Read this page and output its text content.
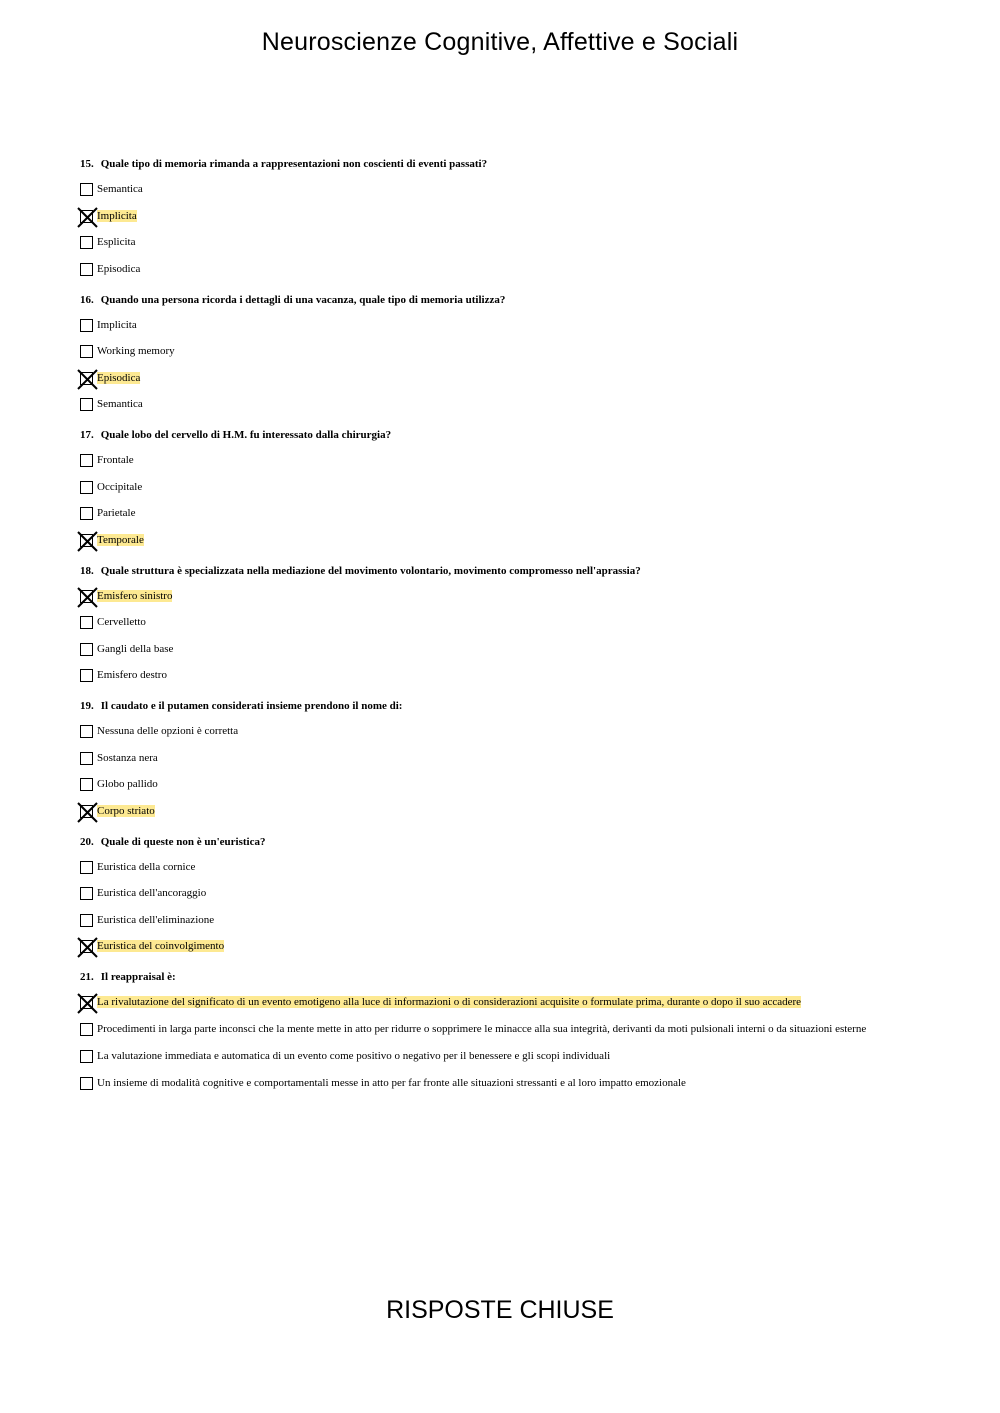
Neuroscienze Cognitive, Affettive e Sociali
15. Quale tipo di memoria rimanda a rappresentazioni non coscienti di eventi passati?
Semantica
Implicita
Esplicita
Episodica
16. Quando una persona ricorda i dettagli di una vacanza, quale tipo di memoria utilizza?
Implicita
Working memory
Episodica
Semantica
17. Quale lobo del cervello di H.M. fu interessato dalla chirurgia?
Frontale
Occipitale
Parietale
Temporale
18. Quale struttura è specializzata nella mediazione del movimento volontario, movimento compromesso nell'aprassia?
Emisfero sinistro
Cervelletto
Gangli della base
Emisfero destro
19. Il caudato e il putamen considerati insieme prendono il nome di:
Nessuna delle opzioni è corretta
Sostanza nera
Globo pallido
Corpo striato
20. Quale di queste non è un'euristica?
Euristica della cornice
Euristica dell'ancoraggio
Euristica dell'eliminazione
Euristica del coinvolgimento
21. Il reappraisal è:
La rivalutazione del significato di un evento emotigeno alla luce di informazioni o di considerazioni acquisite o formulate prima, durante o dopo il suo accadere
Procedimenti in larga parte inconsci che la mente mette in atto per ridurre o sopprimere le minacce alla sua integrità, derivanti da moti pulsionali interni o da situazioni esterne
La valutazione immediata e automatica di un evento come positivo o negativo per il benessere e gli scopi individuali
Un insieme di modalità cognitive e comportamentali messe in atto per far fronte alle situazioni stressanti e al loro impatto emozionale
RISPOSTE CHIUSE
